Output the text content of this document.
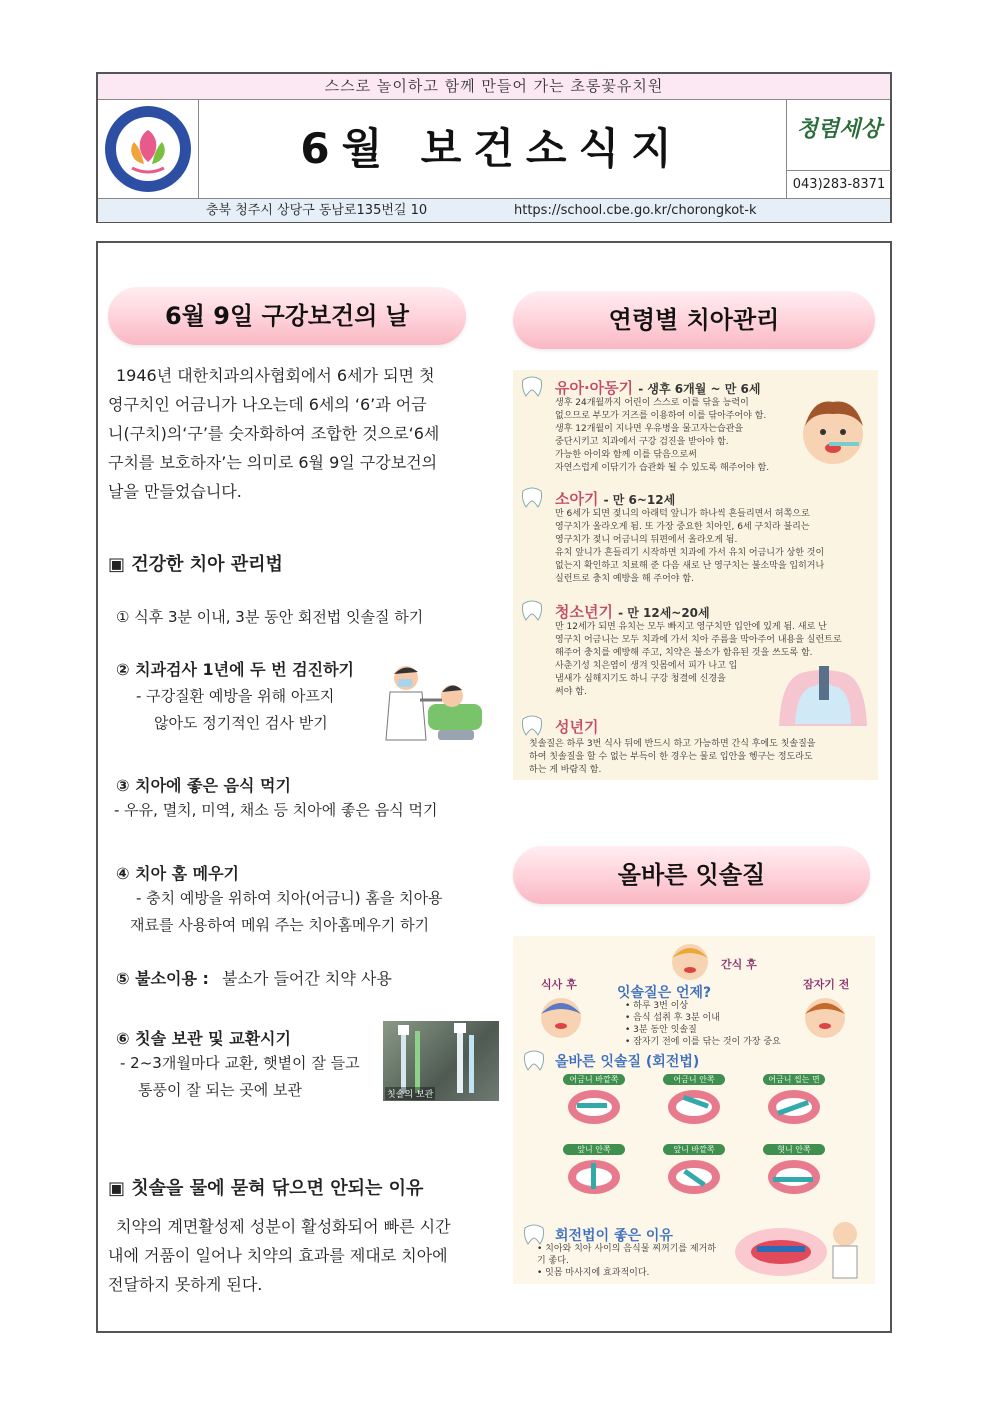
스스로 놀이하고 함께 만들어 가는 초롱꽃유치원
6월 보건소식지	청렴세상
043)283-8371
충북 청주시 상당구 동남로135번길 10	https://school.cbe.go.kr/chorongkot-k
6월 9일 구강보건의 날
1946년 대한치과의사협회에서 6세가 되면 첫
영구치인 어금니가 나오는데 6세의 ‘6’과 어금
니(구치)의‘구’를 숫자화하여 조합한 것으로‘6세
구치를 보호하자’는 의미로 6월 9일 구강보건의
날을 만들었습니다.
▣ 건강한 치아 관리법
① 식후 3분 이내, 3분 동안 회전법 잇솔질 하기
② 치과검사 1년에 두 번 검진하기
- 구강질환 예방을 위해 아프지
않아도 정기적인 검사 받기
③ 치아에 좋은 음식 먹기
- 우유, 멸치, 미역, 채소 등 치아에 좋은 음식 먹기
④ 치아 홈 메우기
- 충치 예방을 위하여 치아(어금니) 홈을 치아용
재료를 사용하여 메워 주는 치아홈메우기 하기
⑤ 불소이용 : 불소가 들어간 치약 사용
⑥ 칫솔 보관 및 교환시기
- 2~3개월마다 교환, 햇볕이 잘 들고
통풍이 잘 되는 곳에 보관	칫솔의 보관
▣ 칫솔을 물에 묻혀 닦으면 안되는 이유
치약의 계면활성제 성분이 활성화되어 빠른 시간
내에 거품이 일어나 치약의 효과를 제대로 치아에
전달하지 못하게 된다.
연령별 치아관리
유아·아동기 - 생후 6개월 ~ 만 6세
생후 24개월까지 어린이 스스로 이를 닦을 능력이
없으므로 부모가 거즈를 이용하여 이를 닦아주어야 함.
생후 12개월이 지나면 우유병을 물고자는습관을
중단시키고 치과에서 구강 검진을 받아야 함.
가능한 아이와 함께 이를 닦음으로써
자연스럽게 이닦기가 습관화 될 수 있도록 해주어야 함.
소아기 - 만 6~12세
만 6세가 되면 젖니의 아래턱 앞니가 하나씩 흔들리면서 허쪽으로
영구치가 올라오게 됨. 또 가장 중요한 치아인, 6세 구치라 불리는
영구치가 젖니 어금니의 뒤편에서 올라오게 됨.
유치 앞니가 흔들리기 시작하면 치과에 가서 유치 어금니가 상한 것이
없는지 확인하고 치료해 준 다음 새로 난 영구치는 불소막을 입히거나
실런트로 충치 예방을 해 주어야 함.
청소년기 - 만 12세~20세
만 12세가 되면 유치는 모두 빠지고 영구치만 입안에 있게 됨. 새로 난
영구치 어금니는 모두 치과에 가서 치아 주름을 막아주어 내용을 실런트로
해주어 충치를 예방해 주고, 치약은 불소가 함유된 것을 쓰도록 함.
사춘기성 치은염이 생겨 잇몸에서 피가 나고 입
냄새가 심해지기도 하니 구강 청결에 신경을
써야 함.
성년기
칫솔질은 하루 3번 식사 뒤에 반드시 하고 가능하면 간식 후에도 칫솔질을
하여 칫솔질을 할 수 없는 부득이 한 경우는 물로 입안을 헹구는 정도라도
하는 게 바람직 함.
올바른 잇솔질
간식 후
식사 후	잠자기 전
잇솔질은 언제?
• 하루 3번 이상
• 음식 섭취 후 3분 이내
• 3분 동안 잇솔질
• 잠자기 전에 이를 닦는 것이 가장 중요
올바른 잇솔질 (회전법)
어금니 바깥쪽	어금니 안쪽	어금니 씹는 면
앞니 안쪽	앞니 바깥쪽	혓니 안쪽
회전법이 좋은 이유
• 치아와 치아 사이의 음식물 찌꺼기를 제거하기 좋다.
• 잇몸 마사지에 효과적이다.
